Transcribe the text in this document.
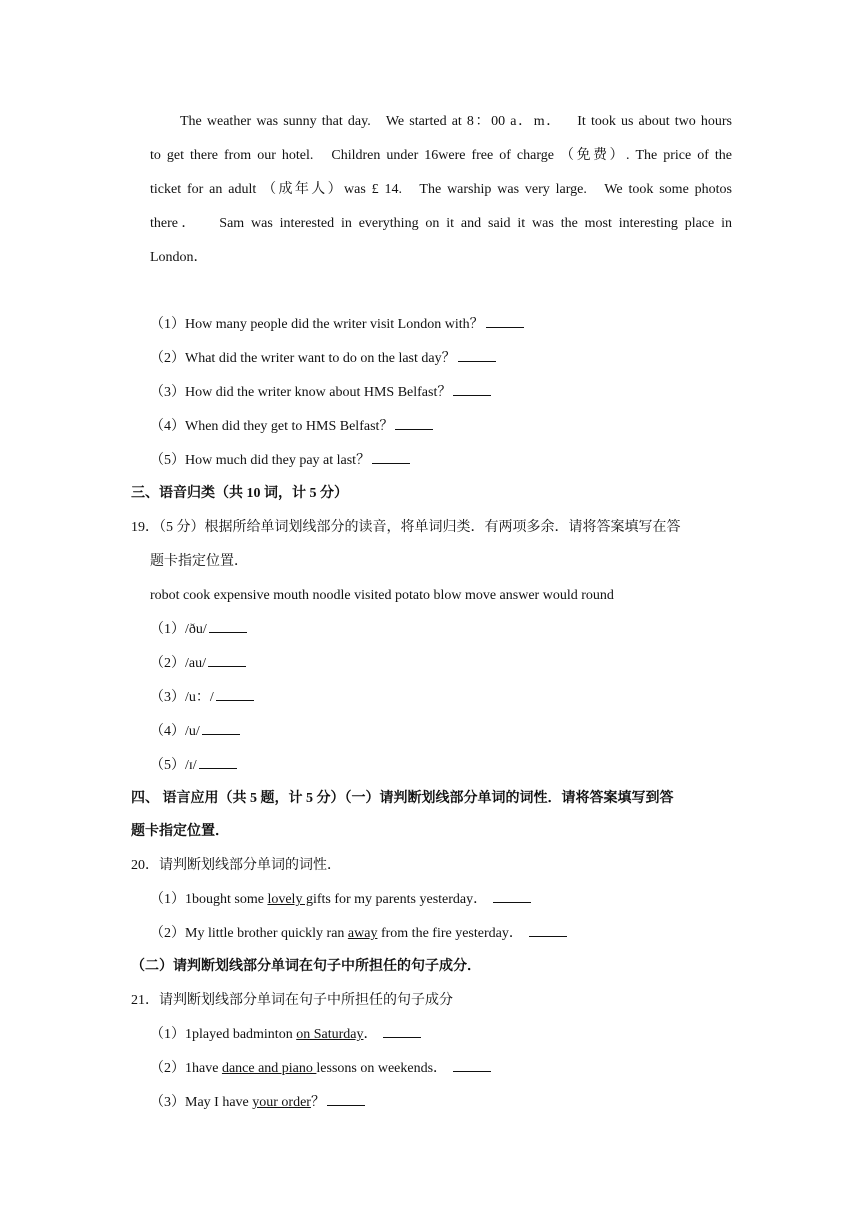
The weather was sunny that day.   We started at 8：00 a．m．   It took us about two hours
to get there from our hotel.   Children under 16were free of charge （免费）. The price of the
ticket for an adult （成年人）was £ 14.   The warship was very large.   We took some photos
there．   Sam was interested in everything on it and said it was the most interesting place in
London．
（1）How many people did the writer visit London with？
（2）What did the writer want to do on the last day？
（3）How did the writer know about HMS Belfast？
（4）When did they get to HMS Belfast？
（5）How much did they pay at last？
三、语音归类（共 10 词，计 5 分）
19．（5 分）根据所给单词划线部分的读音，将单词归类．有两项多余．请将答案填写在答
题卡指定位置．
robot cook expensive mouth noodle visited potato blow move answer would round
（1）/ðu/
（2）/au/
（3）/u：/
（4）/u/
（5）/ɪ/
四、 语言应用（共 5 题，计 5 分）（一）请判断划线部分单词的词性．请将答案填写到答
题卡指定位置．
20．请判断划线部分单词的词性．
（1）1bought some lovely gifts for my parents yesterday．
（2）My little brother quickly ran away from the fire yesterday．
（二）请判断划线部分单词在句子中所担任的句子成分．
21．请判断划线部分单词在句子中所担任的句子成分
（1）1played badminton on Saturday．
（2）1have dance and piano lessons on weekends．
（3）May I have your order？
